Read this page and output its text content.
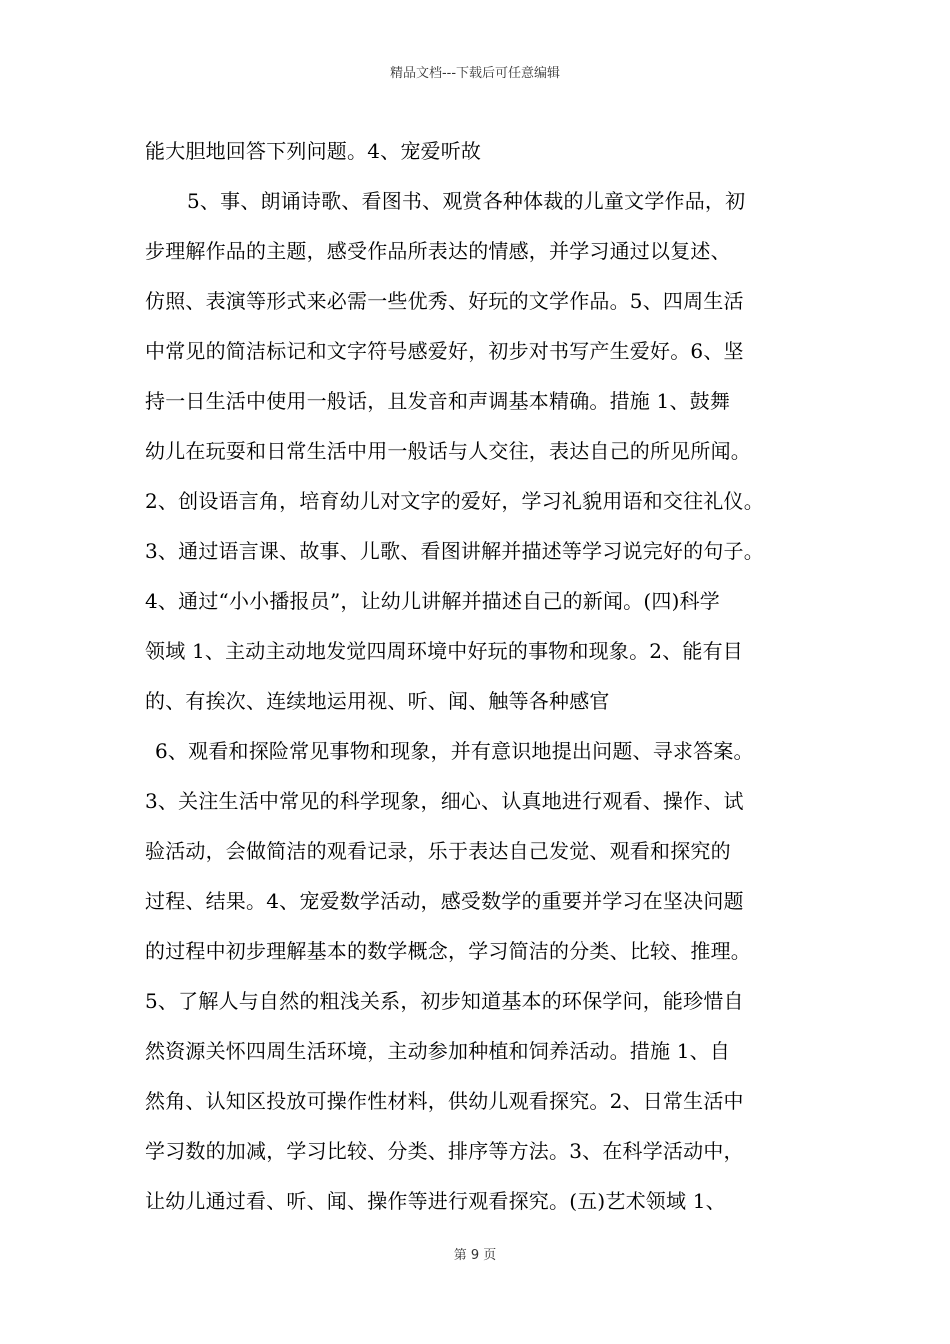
精品文档---下载后可任意编辑
能大胆地回答下列问题。4、宠爱听故
5、事、朗诵诗歌、看图书、观赏各种体裁的儿童文学作品，初
步理解作品的主题，感受作品所表达的情感，并学习通过以复述、
仿照、表演等形式来必需一些优秀、好玩的文学作品。5、四周生活
中常见的简洁标记和文字符号感爱好，初步对书写产生爱好。6、坚
持一日生活中使用一般话，且发音和声调基本精确。措施 1、鼓舞
幼儿在玩耍和日常生活中用一般话与人交往，表达自己的所见所闻。
2、创设语言角，培育幼儿对文字的爱好，学习礼貌用语和交往礼仪。
3、通过语言课、故事、儿歌、看图讲解并描述等学习说完好的句子。
4、通过“小小播报员”，让幼儿讲解并描述自己的新闻。(四)科学
领域 1、主动主动地发觉四周环境中好玩的事物和现象。2、能有目
的、有挨次、连续地运用视、听、闻、触等各种感官
6、观看和探险常见事物和现象，并有意识地提出问题、寻求答案。
3、关注生活中常见的科学现象，细心、认真地进行观看、操作、试
验活动，会做简洁的观看记录，乐于表达自己发觉、观看和探究的
过程、结果。4、宠爱数学活动，感受数学的重要并学习在坚决问题
的过程中初步理解基本的数学概念，学习简洁的分类、比较、推理。
5、了解人与自然的粗浅关系，初步知道基本的环保学问，能珍惜自
然资源关怀四周生活环境，主动参加种植和饲养活动。措施 1、自
然角、认知区投放可操作性材料，供幼儿观看探究。2、日常生活中
学习数的加减，学习比较、分类、排序等方法。3、在科学活动中，
让幼儿通过看、听、闻、操作等进行观看探究。(五)艺术领域 1、
第 9 页
